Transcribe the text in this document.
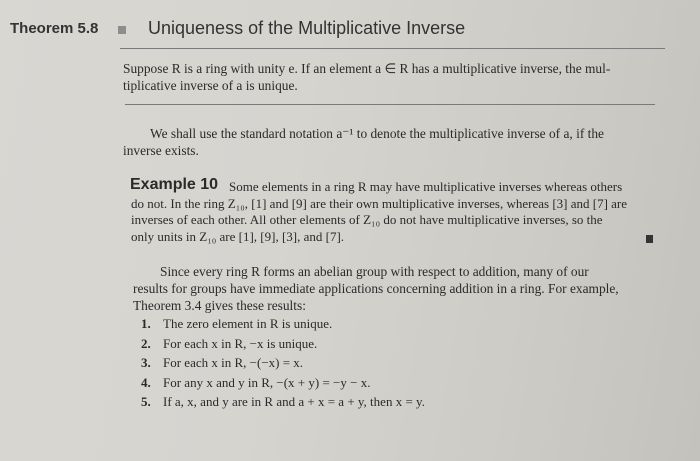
Theorem 5.8	Uniqueness of the Multiplicative Inverse
Suppose R is a ring with unity e. If an element a ∈ R has a multiplicative inverse, the mul-
tiplicative inverse of a is unique.
We shall use the standard notation a⁻¹ to denote the multiplicative inverse of a, if the
inverse exists.
Example 10 Some elements in a ring R may have multiplicative inverses whereas others
do not. In the ring Z₁₀, [1] and [9] are their own multiplicative inverses, whereas [3] and [7] are
inverses of each other. All other elements of Z₁₀ do not have multiplicative inverses, so the
only units in Z₁₀ are [1], [9], [3], and [7].
Since every ring R forms an abelian group with respect to addition, many of our
results for groups have immediate applications concerning addition in a ring. For example,
Theorem 3.4 gives these results:
1. The zero element in R is unique.
2. For each x in R, −x is unique.
3. For each x in R, −(−x) = x.
4. For any x and y in R, −(x + y) = −y − x.
5. If a, x, and y are in R and a + x = a + y, then x = y.
